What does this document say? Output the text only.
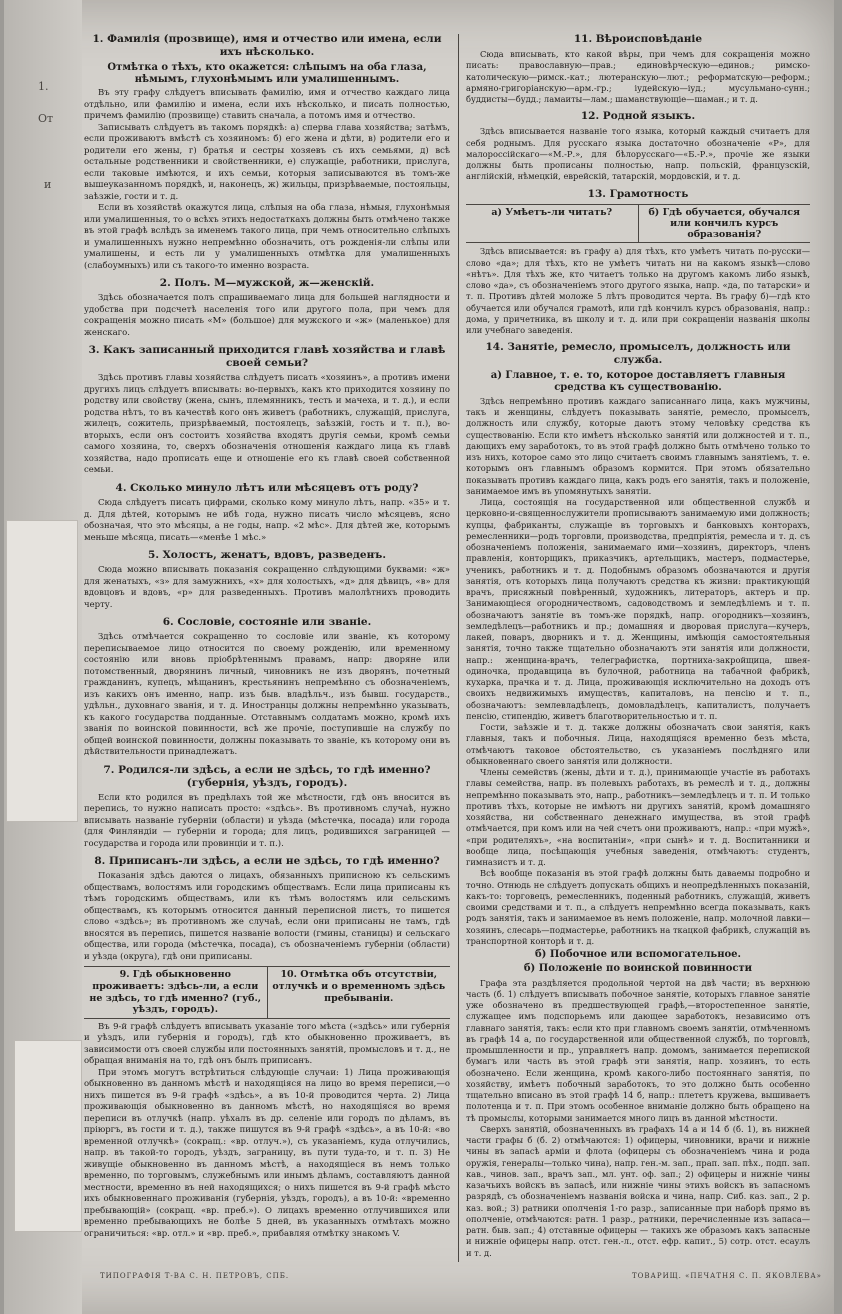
1.
От
и
1. Фамилія (прозвище), имя и отчество или имена, если ихъ нѣсколько.
Отмѣтка о тѣхъ, кто окажется: слѣпымъ на оба глаза, нѣмымъ, глухонѣмымъ или умалишеннымъ.

Въ эту графу слѣдуетъ вписывать фамилію, имя и отчество каждаго лица отдѣльно, или фамилію и имена, если ихъ нѣсколько, и писать полностью, причемъ фамилію (прозвище) ставить сначала, а потомъ имя и отчество.

Записывать слѣдуетъ въ такомъ порядкѣ: а) сперва глава хозяйства; затѣмъ, если проживаютъ вмѣстѣ съ хозяиномъ: б) его жена и дѣти, в) родители его и родители его жены, г) братья и сестры хозяевъ съ ихъ семьями, д) всѣ остальные родственники и свойственники, е) служащіе, работники, прислуга, если таковые имѣются, и ихъ семьи, которыя записываются въ томъ-же вышеуказанномъ порядкѣ, и, наконецъ, ж) жильцы, призрѣваемые, постояльцы, заѣзжіе, гости и т. д.

Если въ хозяйствѣ окажутся лица, слѣпыя на оба глаза, нѣмыя, глухонѣмыя или умалишенныя, то о всѣхъ этихъ недостаткахъ должны быть отмѣчено также въ этой графѣ вслѣдъ за именемъ такого лица, при чемъ относительно слѣпыхъ и умалишенныхъ нужно непремѣнно обозначить, отъ рожденія-ли слѣпы или умалишены, и есть ли у умалишенныхъ отмѣтка для умалишенныхъ (слабоумныхъ) или съ такого-то именно возраста.

2. Полъ. М—мужской, ж—женскій.

Здѣсь обозначается полъ спрашиваемаго лица для большей наглядности и удобства при подсчетѣ населенія того или другого пола, при чемъ для сокращенія можно писать «М» (большое) для мужского и «ж» (маленькое) для женскаго.

3. Какъ записанный приходится главѣ хозяйства и главѣ своей семьи?

Здѣсь противъ главы хозяйства слѣдуетъ писать «хозяинъ», а противъ имени другихъ лицъ слѣдуетъ вписывать: во-первыхъ, какъ кто приходится хозяину по родству или свойству (жена, сынъ, племянникъ, тесть и мачеха, и т. д.), и если родства нѣтъ, то въ качествѣ кого онъ живетъ (работникъ, служащій, прислуга, жилецъ, сожитель, призрѣваемый, постоялецъ, заѣзжій, гость и т. п.), во-вторыхъ, если онъ состоитъ хозяйства входятъ другія семьи, кромѣ семьи самого хозяина, то, сверхъ обозначенія отношенія каждаго лица къ главѣ хозяйства, надо прописать еще и отношеніе его къ главѣ своей собственной семьи.

4. Сколько минуло лѣтъ или мѣсяцевъ отъ роду?

Сюда слѣдуетъ писать цифрами, сколько кому минуло лѣтъ, напр. «35» и т. д. Для дѣтей, которымъ не ибѣ года, нужно писать число мѣсяцевъ, ясно обозначая, что это мѣсяцы, а не годы, напр. «2 мѣс». Для дѣтей же, которымъ меньше мѣсяца, писать—«менѣе 1 мѣс.»

5. Холостъ, женатъ, вдовъ, разведенъ.

Сюда можно вписывать показанія сокращенно слѣдующими буквами: «ж» для женатыхъ, «з» для замужнихъ, «х» для холостыхъ, «д» для дѣвицъ, «в» для вдовцовъ и вдовъ, «р» для разведенныхъ. Противъ малолѣтнихъ проводить черту.

6. Сословіе, состояніе или званіе.

Здѣсь отмѣчается сокращенно то сословіе или званіе, къ которому переписываемое лицо относится по своему рожденію, или временному состоянію или вновь пріобрѣтеннымъ правамъ, напр: дворяне или потомственный, дворянинъ личный, чиновникъ не изъ дворянъ, почетный гражданинъ, купецъ, мѣщанинъ, крестьянинъ непремѣнно съ обозначеніемъ, изъ какихъ онъ именно, напр. изъ быв. владѣльч., изъ бывш. государств., удѣльн., духовнаго званія, и т. д. Иностранцы должны непремѣнно указывать, къ какого государства подданные. Отставнымъ солдатамъ можно, кромѣ ихъ званія по воинской повинности, всѣ же прочіе, поступившіе на службу по общей воинской повинности, должны показывать то званіе, къ которому они въ дѣйствительности принадлежатъ.

7. Родился-ли здѣсь, а если не здѣсь, то гдѣ именно? (губернія, уѣздъ, городъ).

Если кто родился въ предѣлахъ той же мѣстности, гдѣ онъ вносится въ перепись, то нужно написать просто: «здѣсь». Въ противномъ случаѣ, нужно вписывать названіе губерніи (области) и уѣзда (мѣстечка, посада) или города (для Финляндіи — губерніи и города; для лицъ, родившихся заграницей — государства и города или провинціи и т. п.).

8. Приписанъ-ли здѣсь, а если не здѣсь, то гдѣ именно?

Показанія здѣсь даются о лицахъ, обязанныхъ приписною къ сельскимъ обществамъ, волостямъ или городскимъ обществамъ. Если лица приписаны къ тѣмъ городскимъ обществамъ, или къ тѣмъ волостямъ или сельскимъ обществамъ, къ которымъ относится данный переписной листъ, то пишется слово «здѣсь»; въ противномъ же случаѣ, если они приписаны не тамъ, гдѣ вносятся въ перепись, пишется названіе волости (гмины, станицы) и сельскаго общества, или города (мѣстечка, посада), съ обозначеніемъ губерніи (области) и уѣзда (округа), гдѣ они приписаны.

9. Гдѣ обыкновенно проживаетъ: здѣсь-ли, а если не здѣсь, то гдѣ именно? (губ., уѣздъ, городъ).
10. Отмѣтка объ отсутствіи, отлучкѣ и о временномъ здѣсь пребываніи.

Въ 9-й графѣ слѣдуетъ вписывать указаніе того мѣста («здѣсь» или губернія и уѣздъ, или губернія и городъ), гдѣ кто обыкновенно проживаетъ, въ зависимости отъ своей службы или постоянныхъ занятій, промысловъ и т. д., не обращая вниманія на то, гдѣ онъ былъ приписанъ.

При этомъ могутъ встрѣтиться слѣдующіе случаи: 1) Лица проживающія обыкновенно въ данномъ мѣстѣ и находящіяся на лицо во время переписи,—о нихъ пишется въ 9-й графѣ «здѣсь», а въ 10-й проводится черта. 2) Лица проживающія обыкновенно въ данномъ мѣстѣ, но находящіяся во время переписи въ отлучкѣ (напр. уѣхалъ въ др. селеніе или городъ по дѣламъ, въ пріюргъ, въ гости и т. д.), также пишутся въ 9-й графѣ «здѣсь», а въ 10-й: «во временной отлучкѣ» (сокращ.: «вр. отлуч.»), съ указаніемъ, куда отлучились, напр. въ такой-то городъ, уѣздъ, заграницу, въ пути туда-то, и т. п. 3) Не живущіе обыкновенно въ данномъ мѣстѣ, а находящіеся въ немъ только временно, по торговымъ, служебнымъ или инымъ дѣламъ, составляютъ данной местности, временно въ ней находящихся; о нихъ пишется въ 9-й графѣ мѣсто ихъ обыкновеннаго проживанія (губернія, уѣздъ, городъ), а въ 10-й: «временно пребывающій» (сокращ. «вр. преб.»). О лицахъ временно отлучившихся или временно пребывающихъ не болѣе 5 дней, въ указанныхъ отмѣтахъ можно ограничиться: «вр. отл.» и «вр. преб.», прибавляя отмѣтку знакомъ V.

11. Вѣроисповѣданіе

Сюда вписывать, кто какой вѣры, при чемъ для сокращенія можно писать: православную—прав.; единовѣрческую—единов.; римско-католическую—римск.-кат.; лютеранскую—лют.; реформатскую—реформ.; армяно-григоріанскую—арм.-гр.; іудейскую—іуд.; мусульмано-сунн.; буддисты—будд.; ламаиты—лам.; шаманствующіе—шаман.; и т. д.

12. Родной языкъ.

Здѣсь вписывается названіе того языка, который каждый считаетъ для себя роднымъ. Для русскаго языка достаточно обозначеніе «Р», для малороссійскаго—«М.-Р.», для бѣлорусскаго—«Б.-Р.», прочіе же языки должны быть прописаны полностью, напр. польскій, французскій, англійскій, нѣмецкій, еврейскій, татарскій, мордовскій, и т. д.

13. Грамотность
а) Умѣетъ-ли читать?	б) Гдѣ обучается, обучался или кончилъ курсъ образованія?

Здѣсь вписывается: въ графу а) для тѣхъ, кто умѣетъ читать по-русски—слово «да»; для тѣхъ, кто не умѣетъ читать ни на какомъ языкѣ—слово «нѣтъ». Для тѣхъ же, кто читаетъ только на другомъ какомъ либо языкѣ, слово «да», съ обозначеніемъ этого другого языка, напр. «да, по татарски» и т. п. Противъ дѣтей моложе 5 лѣтъ проводится черта. Въ графу б)—гдѣ кто обучается или обучался грамотѣ, или гдѣ кончилъ курсъ образованія, напр.: дома, у причетника, въ школу и т. д. или при сокращеніи названія школы или учебнаго заведенія.

14. Занятіе, ремесло, промыселъ, должность или служба.
а) Главное, т. е. то, которое доставляетъ главныя средства къ существованію.

Здѣсь непремѣнно противъ каждаго записаннаго лица, какъ мужчины, такъ и женщины, слѣдуетъ показывать занятіе, ремесло, промыселъ, должность или службу, которые даютъ этому человѣку средства къ существованію. Если кто имѣетъ нѣсколько занятій или должностей и т. п., дающихъ ему заработокъ, то въ этой графѣ должно быть отмѣчено только то изъ нихъ, которое само это лицо считаетъ своимъ главнымъ занятіемъ, т. е. которымъ онъ главнымъ образомъ кормится. При этомъ обязательно показывать противъ каждаго лица, какъ родъ его занятія, такъ и положеніе, занимаемое имъ въ упомянутыхъ занятіи.

Лица, состоящія на государственной или общественной службѣ и церковно-и-священнослужители прописываютъ занимаемую ими должность; купцы, фабриканты, служащіе въ торговыхъ и банковыхъ конторахъ, ремесленники—родъ торговли, производства, предпріятія, ремесла и т. д. съ обозначеніемъ положенія, занимаемаго ими—хозяинъ, директоръ, членъ правленія, конторщикъ, приказчикъ, артельщикъ, мастеръ, подмастерье, ученикъ, работникъ и т. д. Подобнымъ образомъ обозначаются и другія занятія, отъ которыхъ лица получаютъ средства къ жизни: практикующій врачъ, присяжный повѣренный, художникъ, литераторъ, актеръ и пр. Занимающіеся огородничествомъ, садоводствомъ и земледѣліемъ и т. п. обозначаютъ занятіе въ томъ-же порядкѣ, напр. огородникъ—хозяинъ, земледѣлецъ—работникъ и пр.; домашняя и дворовая прислуга—кучеръ, лакей, поваръ, дворникъ и т. д. Женщины, имѣющія самостоятельныя занятія, точно также тщательно обозначаютъ эти занятія или должности, напр.: женщина-врачъ, телеграфистка, портниха-закройщица, швея-одиночка, продавщица въ булочной, работница на табачной фабрикѣ, кухарка, прачка и т. д. Лица, проживающія исключительно на доходъ отъ своихъ недвижимыхъ имуществъ, капиталовъ, на пенсію и т. п., обозначаютъ: землевладѣлецъ, домовладѣлецъ, капиталистъ, получаетъ пенсію, стипендію, живетъ благотворительностью и т. п.

Гости, заѣзжіе и т. д. также должны обозначать свои занятія, какъ главныя, такъ и побочныя. Лица, находящіяся временно безъ мѣста, отмѣчаютъ таковое обстоятельство, съ указаніемъ послѣдняго или обыкновеннаго своего занятія или должности.

Члены семействъ (жены, дѣти и т. д.), принимающіе участіе въ работахъ главы семейства, напр. въ полевыхъ работахъ, въ ремеслѣ и т. д., должны непремѣнно показывать это, напр., работникъ—земледѣлецъ и т. п. И только противъ тѣхъ, которые не имѣютъ ни другихъ занятій, кромѣ домашняго хозяйства, ни собственнаго денежнаго имущества, въ этой графѣ отмѣчается, при комъ или на чей счетъ они проживаютъ, напр.: «при мужѣ», «при родителяхъ», «на воспитаніи», «при сынѣ» и т. д. Воспитанники и вообще лица, посѣщающія учебныя заведенія, отмѣчаютъ: студентъ, гимназистъ и т. д.

Всѣ вообще показанія въ этой графѣ должны быть даваемы подробно и точно. Отнюдь не слѣдуетъ допускать общихъ и неопредѣленныхъ показаній, какъ-то: торговецъ, ремесленникъ, поденный работникъ, служащій, живетъ своими средствами и т. п., а слѣдуетъ непремѣнно всегда показывать, какъ родъ занятія, такъ и занимаемое въ немъ положеніе, напр. молочной лавки—хозяинъ, слесарь—подмастерье, работникъ на ткацкой фабрикѣ, служащій въ транспортной конторѣ и т. д.

б) Побочное или вспомогательное.
б) Положеніе по воинской повинности

Графа эта раздѣляется продольной чертой на двѣ части; въ верхнюю часть (б. 1) слѣдуетъ вписывать побочное занятіе, которыхъ главное занятіе уже обозначено въ предшествующей графѣ,—второстепенное занятіе, служащее имъ подспорьемъ или дающее заработокъ, независимо отъ главнаго занятія, такъ: если кто при главномъ своемъ занятіи, отмѣченномъ въ графѣ 14 а, по государственной или общественной службѣ, по торговлѣ, промышленности и пр., управляетъ напр. домомъ, занимается перепиской бумагъ или часть въ этой графѣ эти занятія, напр. хозяинъ, то есть обозначено. Если женщина, кромѣ какого-либо постояннаго занятія, по хозяйству, имѣетъ побочный заработокъ, то это должно быть особенно тщательно вписано въ этой графѣ 14 б, напр.: плететъ кружева, вышиваетъ полотенца и т. п. При этомъ особенное вниманіе должно быть обращено на тѣ промыслы, которыми занимается много лицъ въ данной мѣстности.

Сверхъ занятій, обозначенныхъ въ графахъ 14 а и 14 б (б. 1), въ нижней части графы б (б. 2) отмѣчаются: 1) офицеры, чиновники, врачи и нижніе чины въ запасѣ арміи и флота (офицеры съ обозначеніемъ чина и рода оружія, генералы—только чина), напр. ген.-м. зап., прап. зап. пѣх., подп. зап. кав., чинов. зап., врачъ зап., мл. унт. оф. зап.; 2) офицеры и нижніе чины казачьихъ войскъ въ запасѣ, или нижніе чины этихъ войскъ въ запасномъ разрядѣ, съ обозначеніемъ названія войска и чина, напр. Сиб. каз. зап., 2 р. каз. вой.; 3) ратники ополченія 1-го разр., записанные при наборѣ прямо въ ополченіе, отмѣчаются: ратн. 1 разр., ратники, перечисленные изъ запаса—ратн. быв. зап.; 4) отставные офицеры — такихъ же образомъ какъ запасные и нижніе офицеры напр. отст. ген.-л., отст. ефр. капит., 5) сотр. отст. есаулъ и т. д.

ТИПОГРАФІЯ Т-ВА С. Н. ПЕТРОВЪ, СПБ.	ТОВАРИЩ. «ПЕЧАТНЯ С. П. ЯКОВЛЕВА»
